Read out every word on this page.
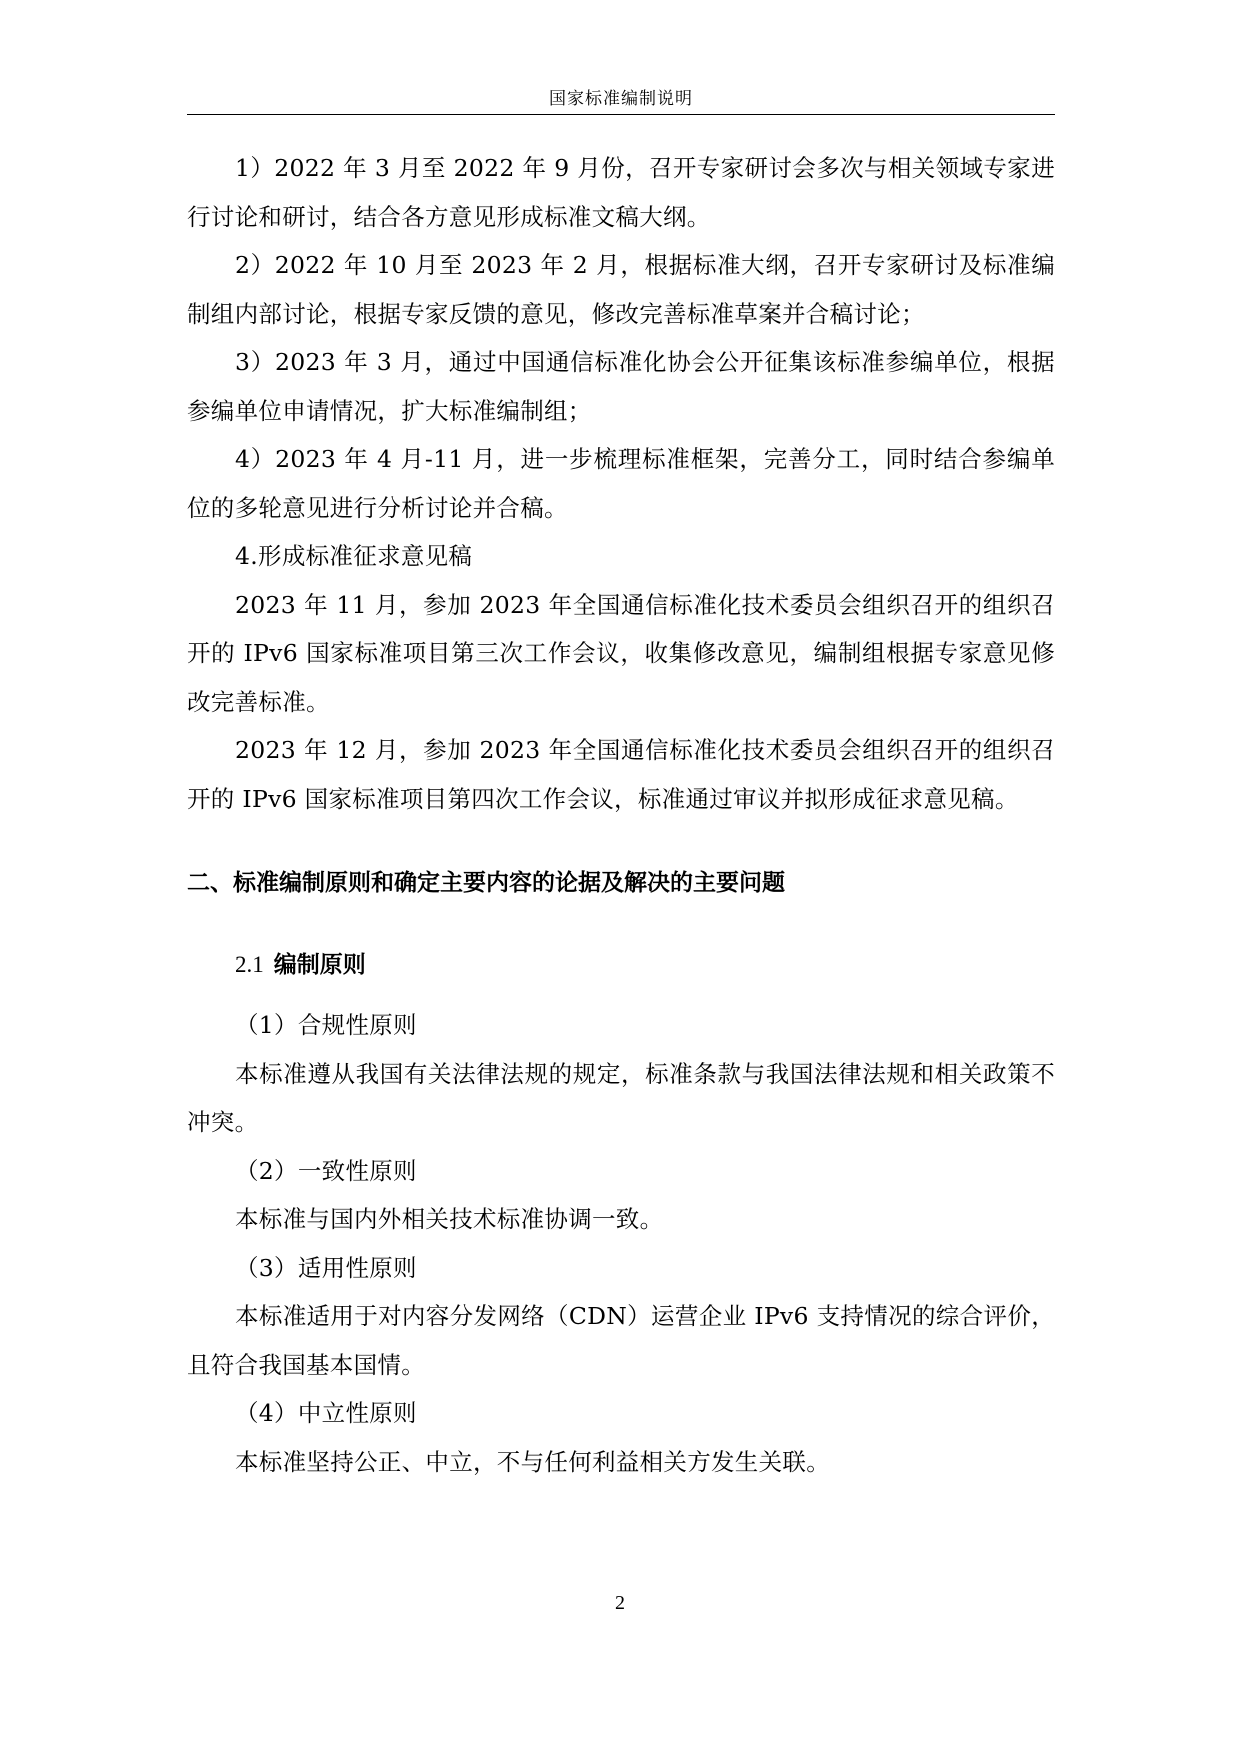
国家标准编制说明

1）2022 年 3 月至 2022 年 9 月份，召开专家研讨会多次与相关领域专家进行讨论和研讨，结合各方意见形成标准文稿大纲。

2）2022 年 10 月至 2023 年 2 月，根据标准大纲，召开专家研讨及标准编制组内部讨论，根据专家反馈的意见，修改完善标准草案并合稿讨论；

3）2023 年 3 月，通过中国通信标准化协会公开征集该标准参编单位，根据参编单位申请情况，扩大标准编制组；

4）2023 年 4 月-11 月，进一步梳理标准框架，完善分工，同时结合参编单位的多轮意见进行分析讨论并合稿。

4.形成标准征求意见稿

2023 年 11 月，参加 2023 年全国通信标准化技术委员会组织召开的组织召开的 IPv6 国家标准项目第三次工作会议，收集修改意见，编制组根据专家意见修改完善标准。

2023 年 12 月，参加 2023 年全国通信标准化技术委员会组织召开的组织召开的 IPv6 国家标准项目第四次工作会议，标准通过审议并拟形成征求意见稿。

二、标准编制原则和确定主要内容的论据及解决的主要问题
2.1 编制原则

（1）合规性原则

本标准遵从我国有关法律法规的规定，标准条款与我国法律法规和相关政策不冲突。

（2）一致性原则

本标准与国内外相关技术标准协调一致。

（3）适用性原则

本标准适用于对内容分发网络（CDN）运营企业 IPv6 支持情况的综合评价，且符合我国基本国情。

（4）中立性原则

本标准坚持公正、中立，不与任何利益相关方发生关联。

2
